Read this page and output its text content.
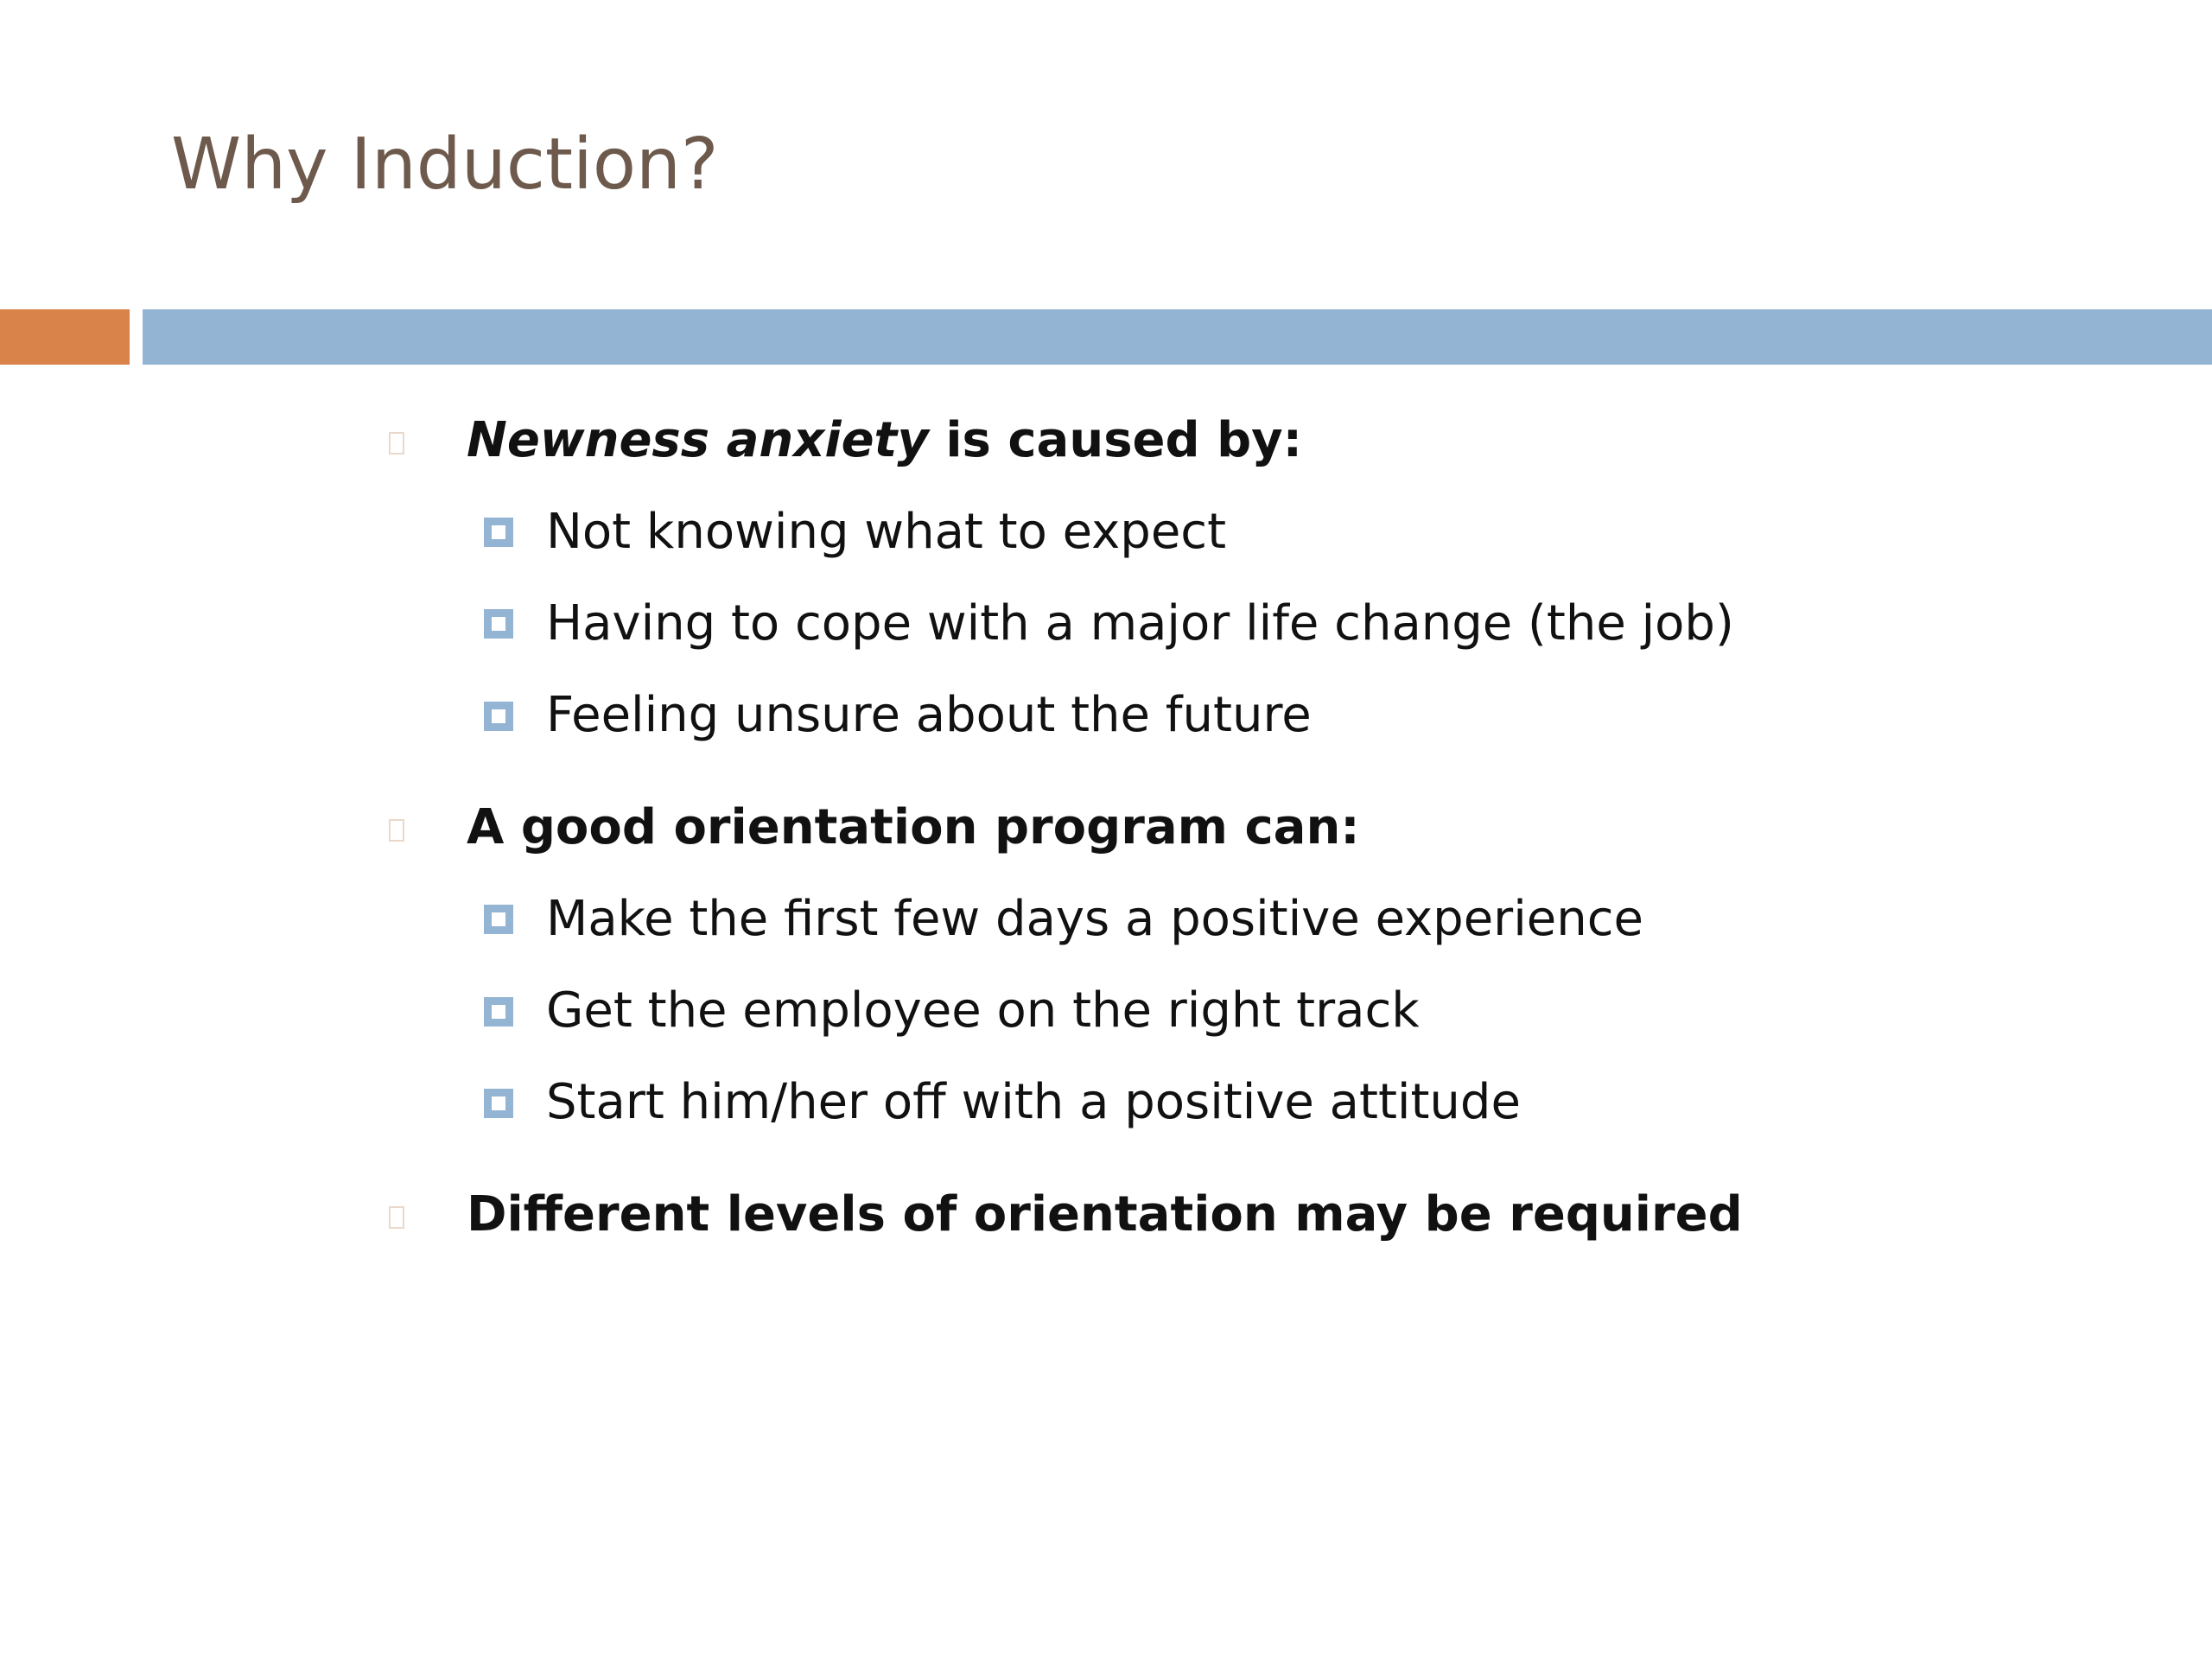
Why Induction?
Newness anxiety is caused by:
Not knowing what to expect
Having to cope with a major life change (the job)
Feeling unsure about the future
A good orientation program can:
Make the first few days a positive experience
Get the employee on the right track
Start him/her off with a positive attitude
Different levels of orientation may be required
